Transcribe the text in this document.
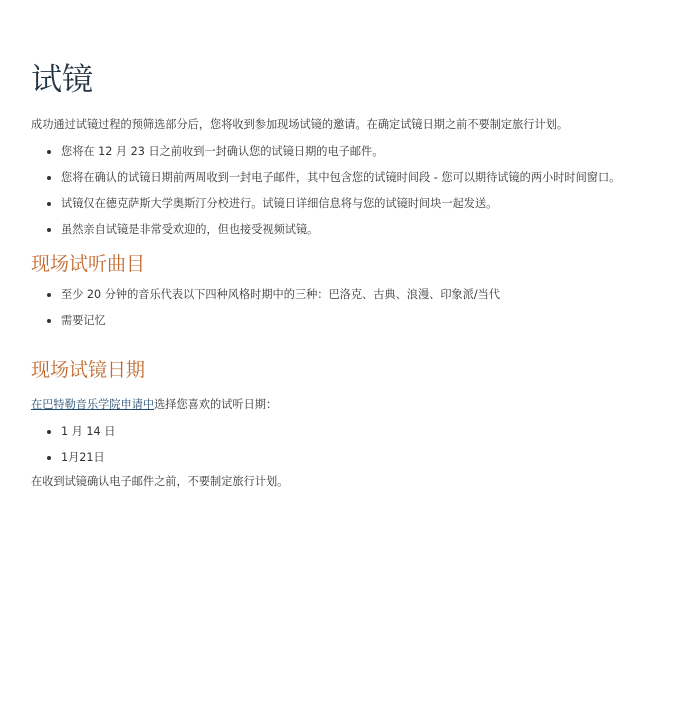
试镜

成功通过试镜过程的预筛选部分后，您将收到参加现场试镜的邀请。在确定试镜日期之前不要制定旅行计划。

您将在 12 月 23 日之前收到一封确认您的试镜日期的电子邮件。
您将在确认的试镜日期前两周收到一封电子邮件，其中包含您的试镜时间段 - 您可以期待试镜的两小时时间窗口。
试镜仅在德克萨斯大学奥斯汀分校进行。试镜日详细信息将与您的试镜时间块一起发送。
虽然亲自试镜是非常受欢迎的，但也接受视频试镜。
现场试听曲目
至少 20 分钟的音乐代表以下四种风格时期中的三种：巴洛克、古典、浪漫、印象派/当代
需要记忆
现场试镜日期

在巴特勒音乐学院申请中选择您喜欢的试听日期：

1 月 14 日
1月21日

在收到试镜确认电子邮件之前，不要制定旅行计划。
